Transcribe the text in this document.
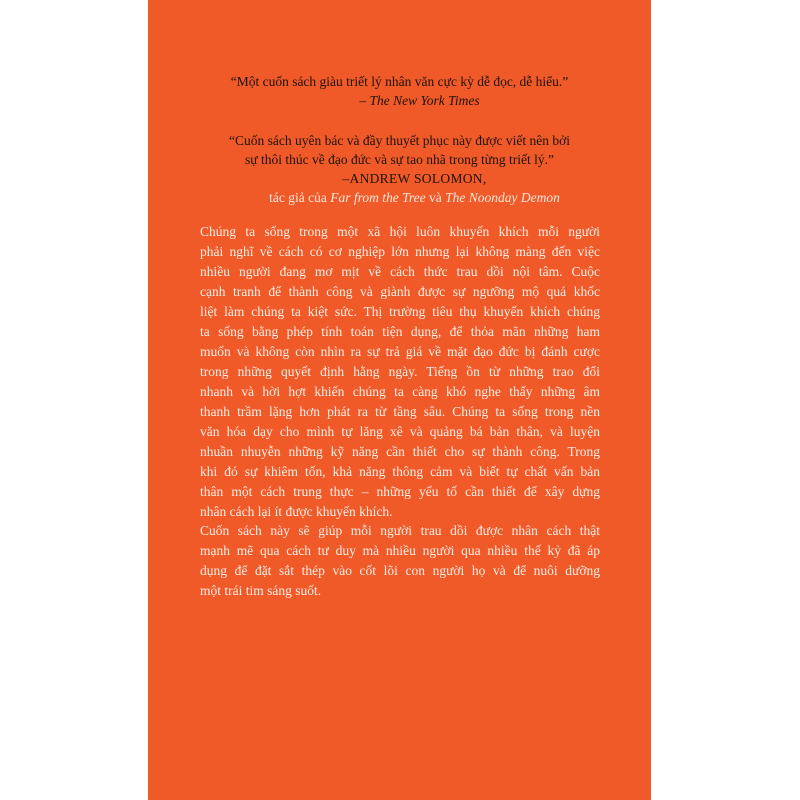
“Một cuốn sách giàu triết lý nhân văn cực kỳ dễ đọc, dễ hiểu.”
– The New York Times
“Cuốn sách uyên bác và đầy thuyết phục này được viết nên bởi
sự thôi thúc về đạo đức và sự tao nhã trong từng triết lý.”
–ANDREW SOLOMON,
tác giả của Far from the Tree và The Noonday Demon
Chúng ta sống trong một xã hội luôn khuyến khích mỗi người
phải nghĩ về cách có cơ nghiệp lớn nhưng lại không màng đến việc
nhiều người đang mơ mịt về cách thức trau dồi nội tâm. Cuộc
cạnh tranh để thành công và giành được sự ngưỡng mộ quá khốc
liệt làm chúng ta kiệt sức. Thị trường tiêu thụ khuyến khích chúng
ta sống bằng phép tính toán tiện dụng, để thỏa mãn những ham
muốn và không còn nhìn ra sự trả giá về mặt đạo đức bị đánh cược
trong những quyết định hằng ngày. Tiếng ồn từ những trao đổi
nhanh và hời hợt khiến chúng ta càng khó nghe thấy những âm
thanh trầm lặng hơn phát ra từ tầng sâu. Chúng ta sống trong nền
văn hóa dạy cho mình tự lăng xê và quảng bá bản thân, và luyện
nhuần nhuyễn những kỹ năng cần thiết cho sự thành công. Trong
khi đó sự khiêm tốn, khả năng thông cảm và biết tự chất vấn bản
thân một cách trung thực – những yếu tố cần thiết để xây dựng
nhân cách lại ít được khuyến khích.
Cuốn sách này sẽ giúp mỗi người trau dồi được nhân cách thật
mạnh mẽ qua cách tư duy mà nhiều người qua nhiều thế kỷ đã áp
dụng để đặt sắt thép vào cốt lõi con người họ và để nuôi dưỡng
một trái tim sáng suốt.
